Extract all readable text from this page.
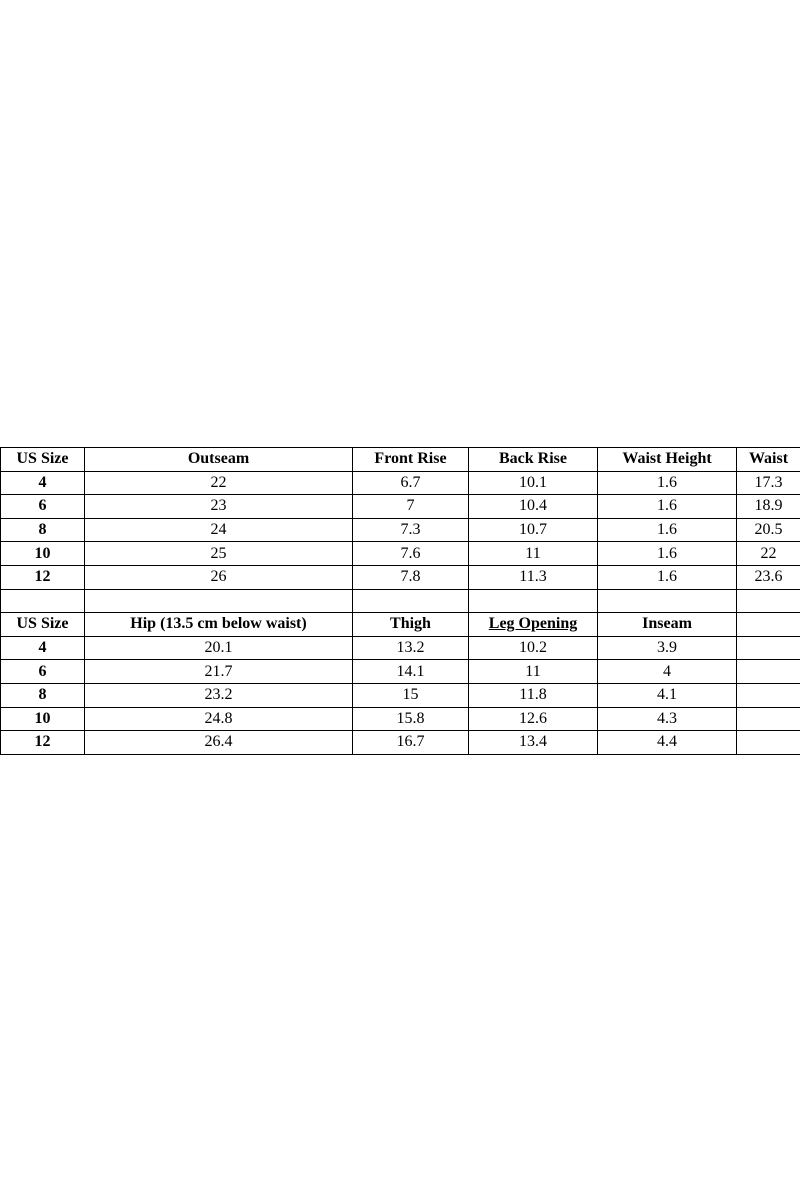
US Size	Outseam	Front Rise	Back Rise	Waist Height	Waist
4	22	6.7	10.1	1.6	17.3
6	23	7	10.4	1.6	18.9
8	24	7.3	10.7	1.6	20.5
10	25	7.6	11	1.6	22
12	26	7.8	11.3	1.6	23.6

US Size	Hip (13.5 cm below waist)	Thigh	Leg Opening	Inseam	
4	20.1	13.2	10.2	3.9	
6	21.7	14.1	11	4	
8	23.2	15	11.8	4.1	
10	24.8	15.8	12.6	4.3	
12	26.4	16.7	13.4	4.4	
